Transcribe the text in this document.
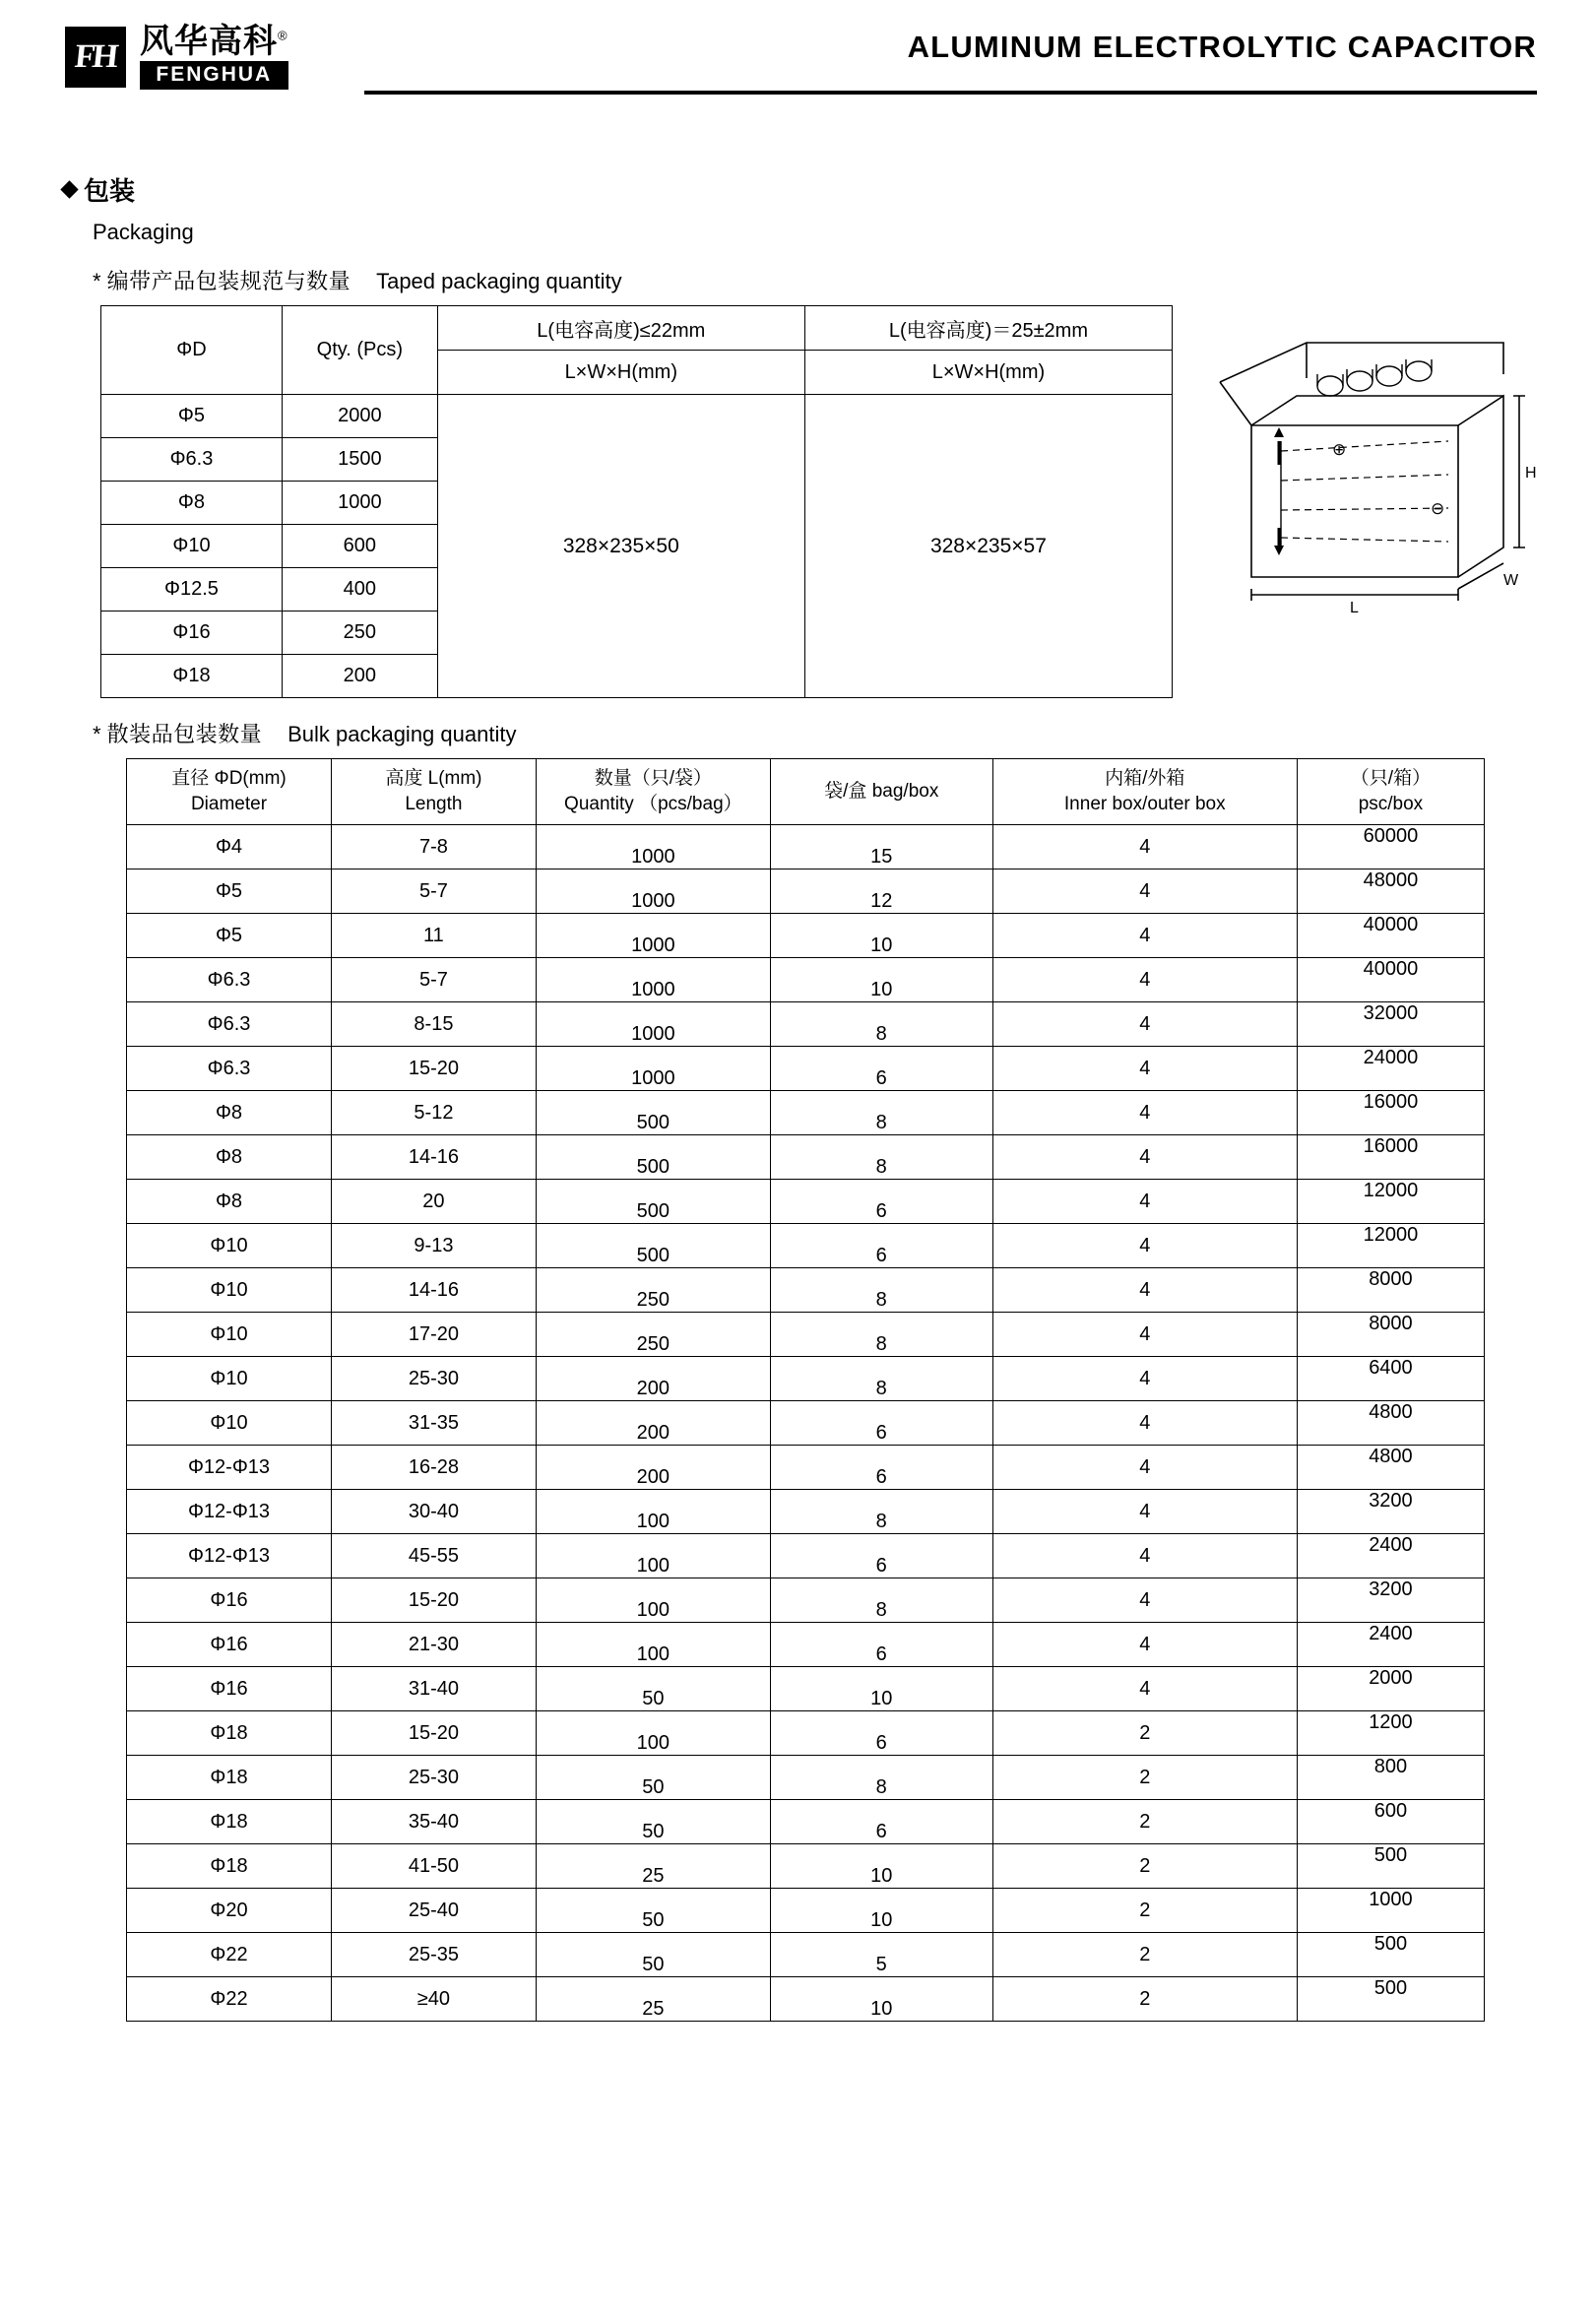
FH 风华高科®
FENGHUA
ALUMINUM ELECTROLYTIC CAPACITOR
包装
Packaging
* 编带产品包装规范与数量 Taped packaging quantity
ΦD	Qty. (Pcs)	L(电容高度)≤22mm	L(电容高度)＝25±2mm
		L×W×H(mm)	L×W×H(mm)
Φ5	2000	328×235×50	328×235×57
Φ6.3	1500		
Φ8	1000		
Φ10	600		
Φ12.5	400		
Φ16	250		
Φ18	200		
H
W
L
⊕
⊖
* 散装品包装数量 Bulk packaging quantity
直径 ΦD(mm)
Diameter

高度 L(mm)
Length

数量（只/袋）
Quantity （pcs/bag）

袋/盒 bag/box

内箱/外箱
Inner box/outer box

（只/箱）
psc/box

Φ4	7-8	1000	15	4	60000
Φ5	5-7	1000	12	4	48000
Φ5	11	1000	10	4	40000
Φ6.3	5-7	1000	10	4	40000
Φ6.3	8-15	1000	8	4	32000
Φ6.3	15-20	1000	6	4	24000
Φ8	5-12	500	8	4	16000
Φ8	14-16	500	8	4	16000
Φ8	20	500	6	4	12000
Φ10	9-13	500	6	4	12000
Φ10	14-16	250	8	4	8000
Φ10	17-20	250	8	4	8000
Φ10	25-30	200	8	4	6400
Φ10	31-35	200	6	4	4800
Φ12-Φ13	16-28	200	6	4	4800
Φ12-Φ13	30-40	100	8	4	3200
Φ12-Φ13	45-55	100	6	4	2400
Φ16	15-20	100	8	4	3200
Φ16	21-30	100	6	4	2400
Φ16	31-40	50	10	4	2000
Φ18	15-20	100	6	2	1200
Φ18	25-30	50	8	2	800
Φ18	35-40	50	6	2	600
Φ18	41-50	25	10	2	500
Φ20	25-40	50	10	2	1000
Φ22	25-35	50	5	2	500
Φ22	≥40	25	10	2	500
